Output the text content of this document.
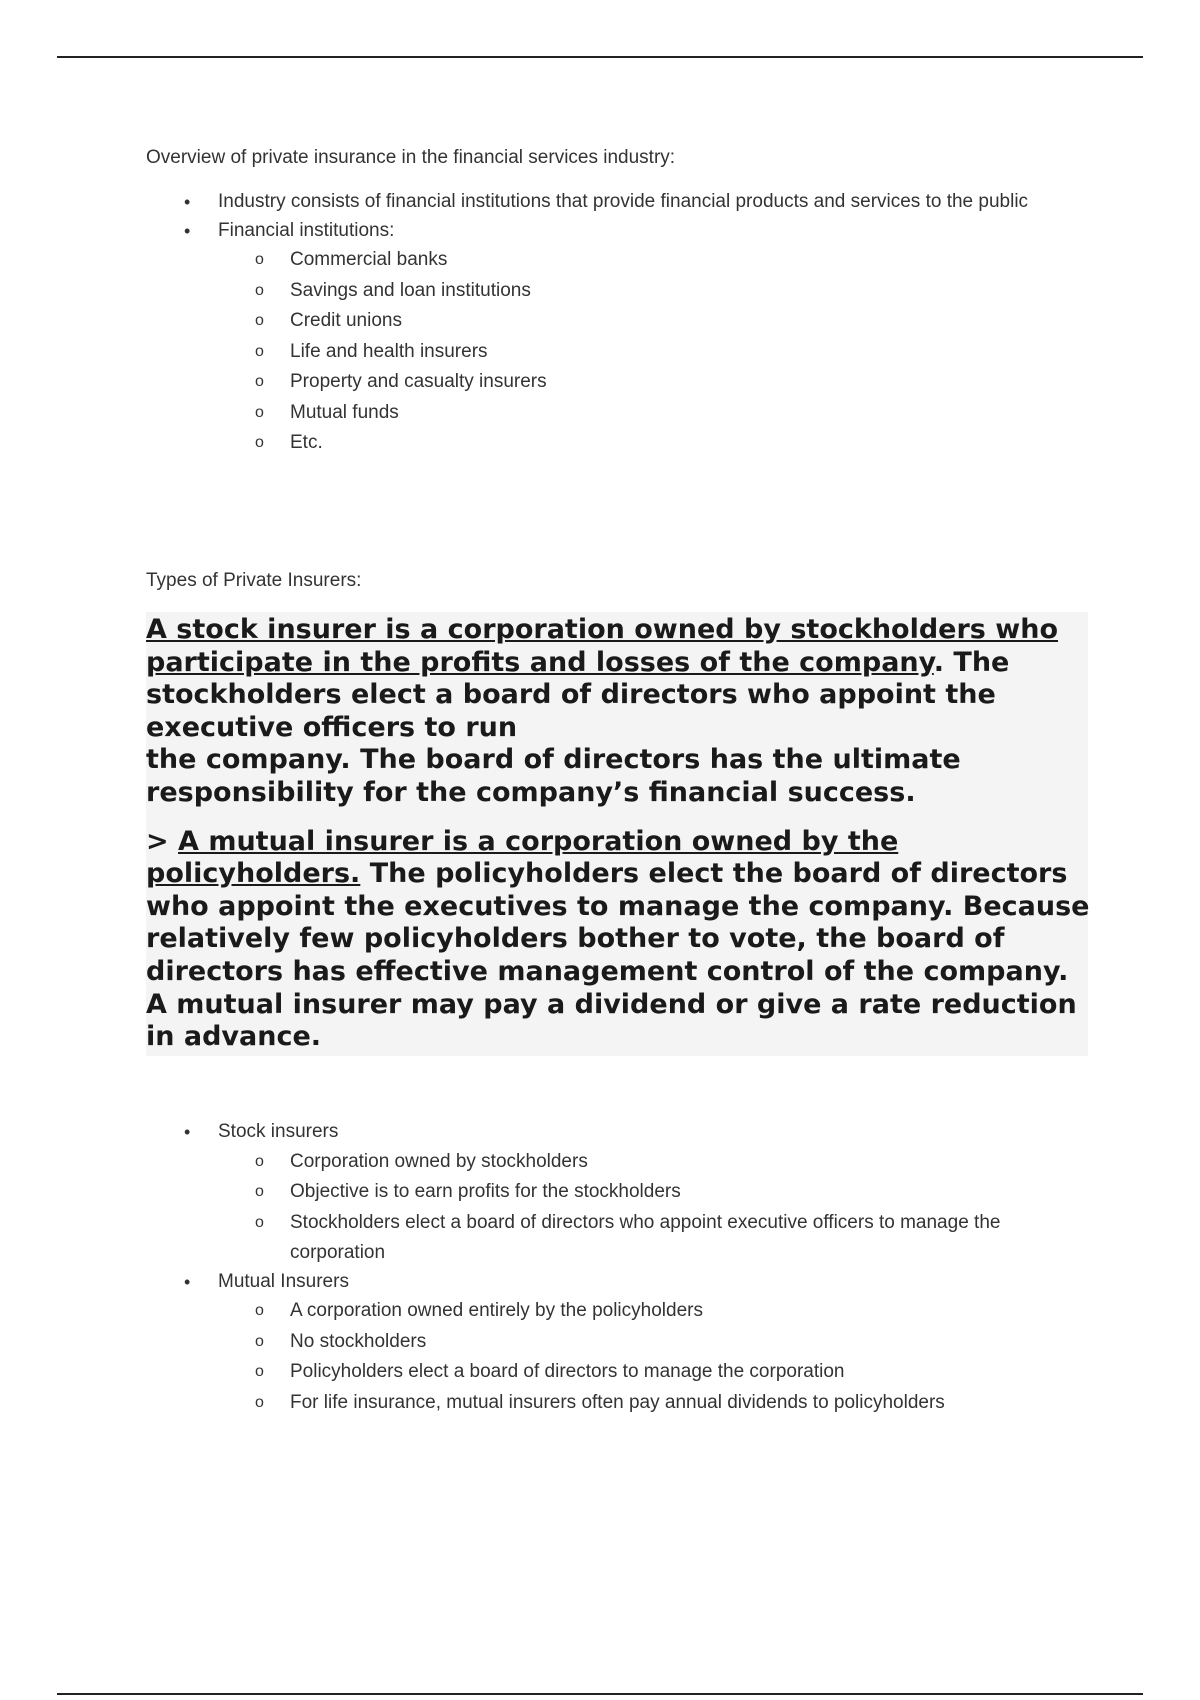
Overview of private insurance in the financial services industry:
• Industry consists of financial institutions that provide financial products and services to the public
• Financial institutions:
o Commercial banks
o Savings and loan institutions
o Credit unions
o Life and health insurers
o Property and casualty insurers
o Mutual funds
o Etc.
Types of Private Insurers:

A stock insurer is a corporation owned by stockholders who participate in the profits and losses of the company. The stockholders elect a board of directors who appoint the executive officers to run
the company. The board of directors has the ultimate responsibility for the company’s financial success.

> A mutual insurer is a corporation owned by the policyholders. The policyholders elect the board of directors who appoint the executives to manage the company. Because relatively few policyholders bother to vote, the board of directors has effective management control of the company. A mutual insurer may pay a dividend or give a rate reduction in advance.

• Stock insurers
o Corporation owned by stockholders
o Objective is to earn profits for the stockholders
o Stockholders elect a board of directors who appoint executive officers to manage the corporation
• Mutual Insurers
o A corporation owned entirely by the policyholders
o No stockholders
o Policyholders elect a board of directors to manage the corporation
o For life insurance, mutual insurers often pay annual dividends to policyholders
